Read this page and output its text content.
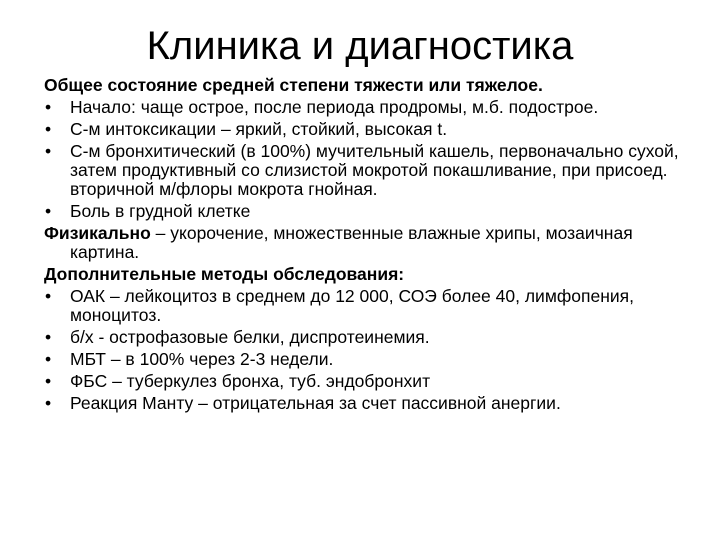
Клиника и диагностика
Общее состояние средней степени тяжести или тяжелое.
• Начало: чаще острое, после периода продромы, м.б. подострое.
• С-м интоксикации – яркий, стойкий, высокая t.
• С-м бронхитический (в 100%) мучительный кашель, первоначально сухой, затем продуктивный со слизистой мокротой покашливание, при присоед. вторичной м/флоры мокрота гнойная.
• Боль в грудной клетке
Физикально – укорочение, множественные влажные хрипы, мозаичная картина.
Дополнительные методы обследования:
• ОАК – лейкоцитоз в среднем до 12 000, СОЭ более 40, лимфопения, моноцитоз.
• б/х - острофазовые белки, диспротеинемия.
• МБТ – в 100% через 2-3 недели.
• ФБС – туберкулез бронха, туб. эндобронхит
• Реакция Манту – отрицательная за счет пассивной анергии.
